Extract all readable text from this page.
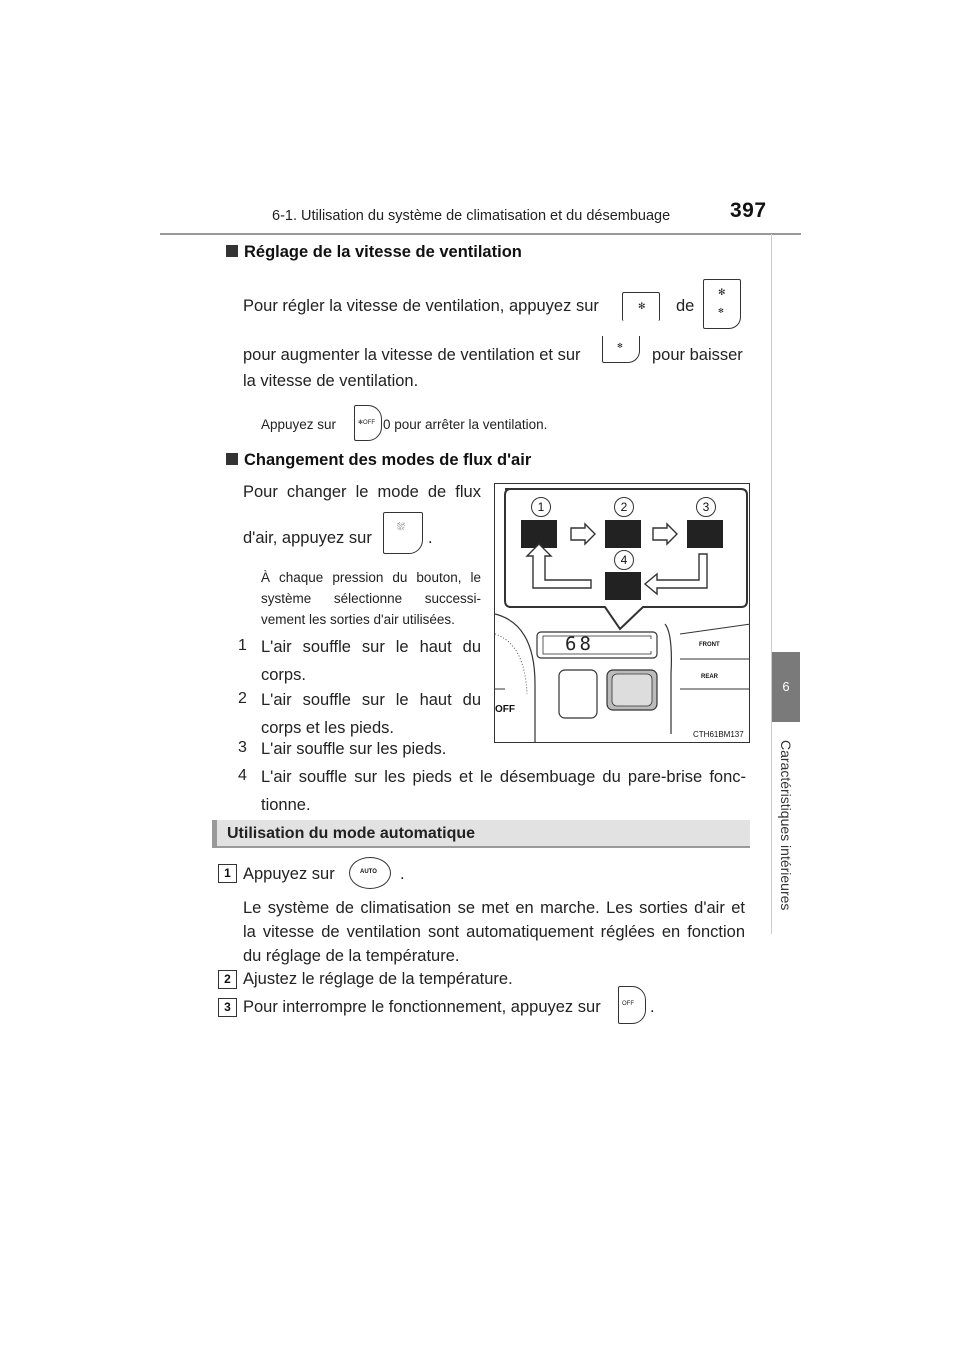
6-1. Utilisation du système de climatisation et du désembuage	397
6
Caractéristiques intérieures
Réglage de la vitesse de ventilation
Pour régler la vitesse de ventilation, appuyez sur	✻ de
✻
✻
pour augmenter la vitesse de ventilation et sur	✻ pour baisser
la vitesse de ventilation.
Appuyez sur	✻OFF 0 pour arrêter la ventilation.
Changement des modes de flux d'air
Pour changer le mode de flux
d'air, appuyez sur
⛆
.
À chaque pression du bouton, le
système sélectionne successi-
vement les sorties d'air utilisées.
1 L'air souffle sur le haut du
corps.
2 L'air souffle sur le haut du
corps et les pieds.
3 L'air souffle sur les pieds.
4 L'air souffle sur les pieds et le désembuage du pare-brise fonc-
tionne.
1	2	3
4
68
OFF
FRONT
REAR
CTH61BM137
Utilisation du mode automatique
1 Appuyez sur	AUTO .
Le système de climatisation se met en marche. Les sorties d'air et
la vitesse de ventilation sont automatiquement réglées en fonction
du réglage de la température.
2 Ajustez le réglage de la température.
3 Pour interrompre le fonctionnement, appuyez sur	OFF .
